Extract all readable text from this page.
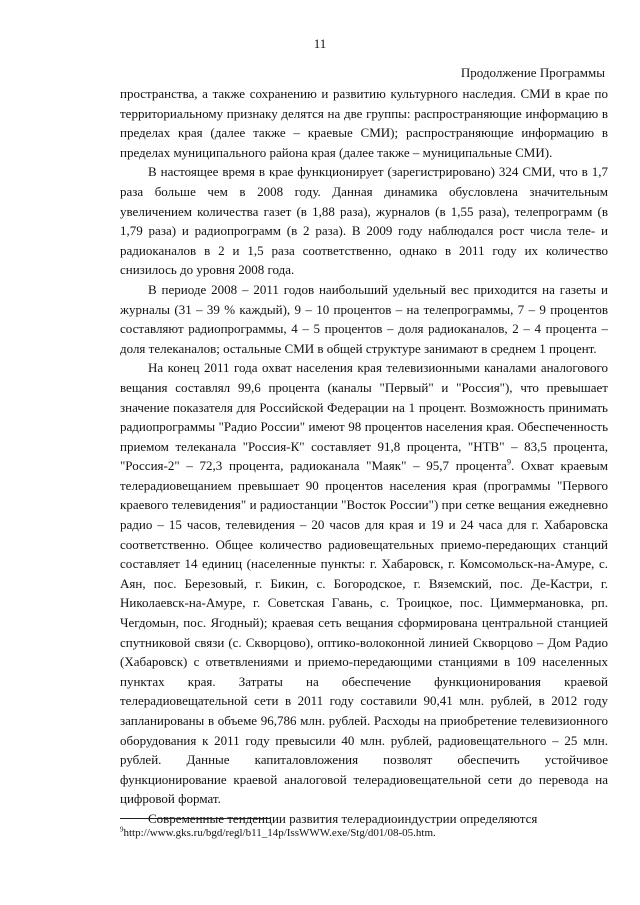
11
Продолжение Программы

пространства, а также сохранению и развитию культурного наследия. СМИ в крае по территориальному признаку делятся на две группы: распространяющие информацию в пределах края (далее также – краевые СМИ); распространяющие информацию в пределах муниципального района края (далее также – муниципальные СМИ).

В настоящее время в крае функционирует (зарегистрировано) 324 СМИ, что в 1,7 раза больше чем в 2008 году. Данная динамика обусловлена значительным увеличением количества газет (в 1,88 раза), журналов (в 1,55 раза), телепрограмм (в 1,79 раза) и радиопрограмм (в 2 раза). В 2009 году наблюдался рост числа теле- и радиоканалов в 2 и 1,5 раза соответственно, однако в 2011 году их количество снизилось до уровня 2008 года.

В периоде 2008 – 2011 годов наибольший удельный вес приходится на газеты и журналы (31 – 39 % каждый), 9 – 10 процентов – на телепрограммы, 7 – 9 процентов составляют радиопрограммы, 4 – 5 процентов – доля радиоканалов, 2 – 4 процента – доля телеканалов; остальные СМИ в общей структуре занимают в среднем 1 процент.

На конец 2011 года охват населения края телевизионными каналами аналогового вещания составлял 99,6 процента (каналы "Первый" и "Россия"), что превышает значение показателя для Российской Федерации на 1 процент. Возможность принимать радиопрограммы "Радио России" имеют 98 процентов населения края. Обеспеченность приемом телеканала "Россия-К" составляет 91,8 процента, "НТВ" – 83,5 процента, "Россия-2" – 72,3 процента, радиоканала "Маяк" – 95,7 процента$^9$. Охват краевым телерадиовещанием превышает 90 процентов населения края (программы "Первого краевого телевидения" и радиостанции "Восток России") при сетке вещания ежедневно радио – 15 часов, телевидения – 20 часов для края и 19 и 24 часа для г. Хабаровска соответственно. Общее количество радиовещательных приемо-передающих станций составляет 14 единиц (населенные пункты: г. Хабаровск, г. Комсомольск-на-Амуре, с. Аян, пос. Березовый, г. Бикин, с. Богородское, г. Вяземский, пос. Де-Кастри, г. Николаевск-на-Амуре, г. Советская Гавань, с. Троицкое, пос. Циммермановка, рп. Чегдомын, пос. Ягодный); краевая сеть вещания сформирована центральной станцией спутниковой связи (с. Скворцово), оптико-волоконной линией Скворцово – Дом Радио (Хабаровск) с ответвлениями и приемо-передающими станциями в 109 населенных пунктах края. Затраты на обеспечение функционирования краевой телерадиовещательной сети в 2011 году составили 90,41 млн. рублей, в 2012 году запланированы в объеме 96,786 млн. рублей. Расходы на приобретение телевизионного оборудования к 2011 году превысили 40 млн. рублей, радиовещательного – 25 млн. рублей. Данные капиталовложения позволят обеспечить устойчивое функционирование краевой аналоговой телерадиовещательной сети до перевода на цифровой формат.

Современные тенденции развития телерадиоиндустрии определяются

$^9$http://www.gks.ru/bgd/regl/b11_14p/IssWWW.exe/Stg/d01/08-05.htm.
